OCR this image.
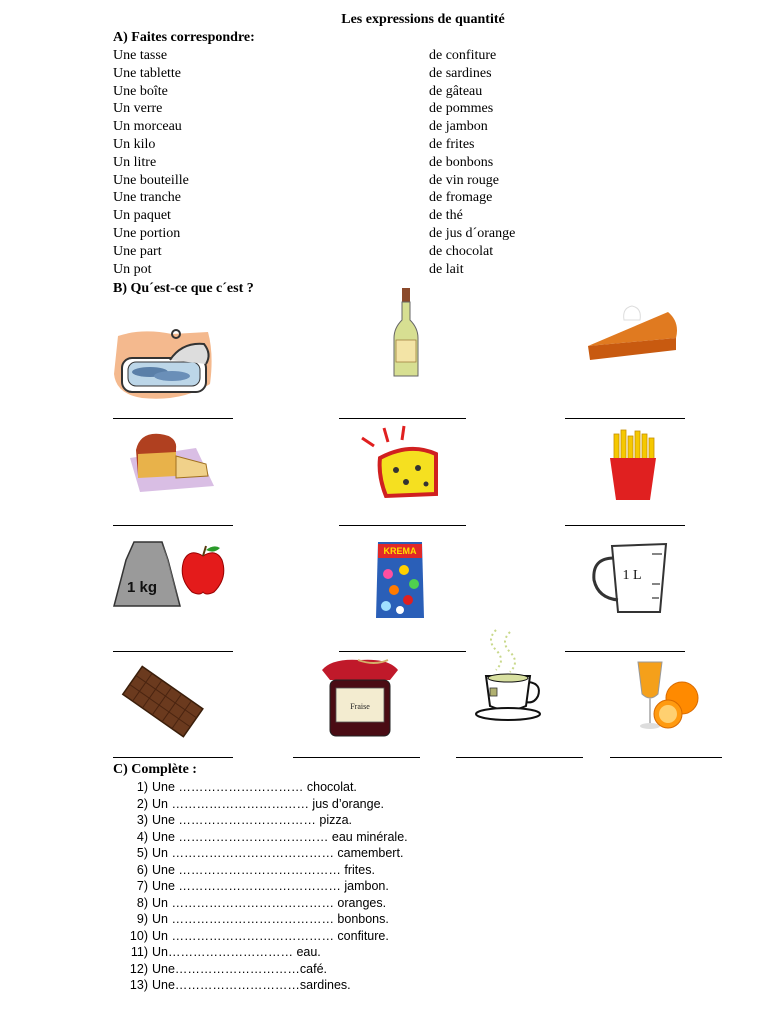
Les expressions de quantité
A) Faites correspondre:
Une tasse
Une tablette
Une boîte
Un verre
Un morceau
Un kilo
Un litre
Une bouteille
Une tranche
Un paquet
Une portion
Une part
Un pot
de confiture
de sardines
de gâteau
de pommes
de jambon
de frites
de bonbons
de vin rouge
de fromage
de thé
de jus d´orange
de chocolat
de lait
B) Qu´est-ce que c´est ?
1 kg
KREMA
1 L
Fraise
C) Complète :
1) Une ………………………… chocolat.
2) Un …………………………… jus d’orange.
3) Une …………………………… pizza.
4) Une ……………………………… eau minérale.
5) Un ………………………………… camembert.
6) Une ………………………………… frites.
7) Une ………………………………… jambon.
8) Un ………………………………… oranges.
9) Un ………………………………… bonbons.
10) Un ………………………………… confiture.
11) Un………………………… eau.
12) Une…………………………café.
13) Une…………………………sardines.
